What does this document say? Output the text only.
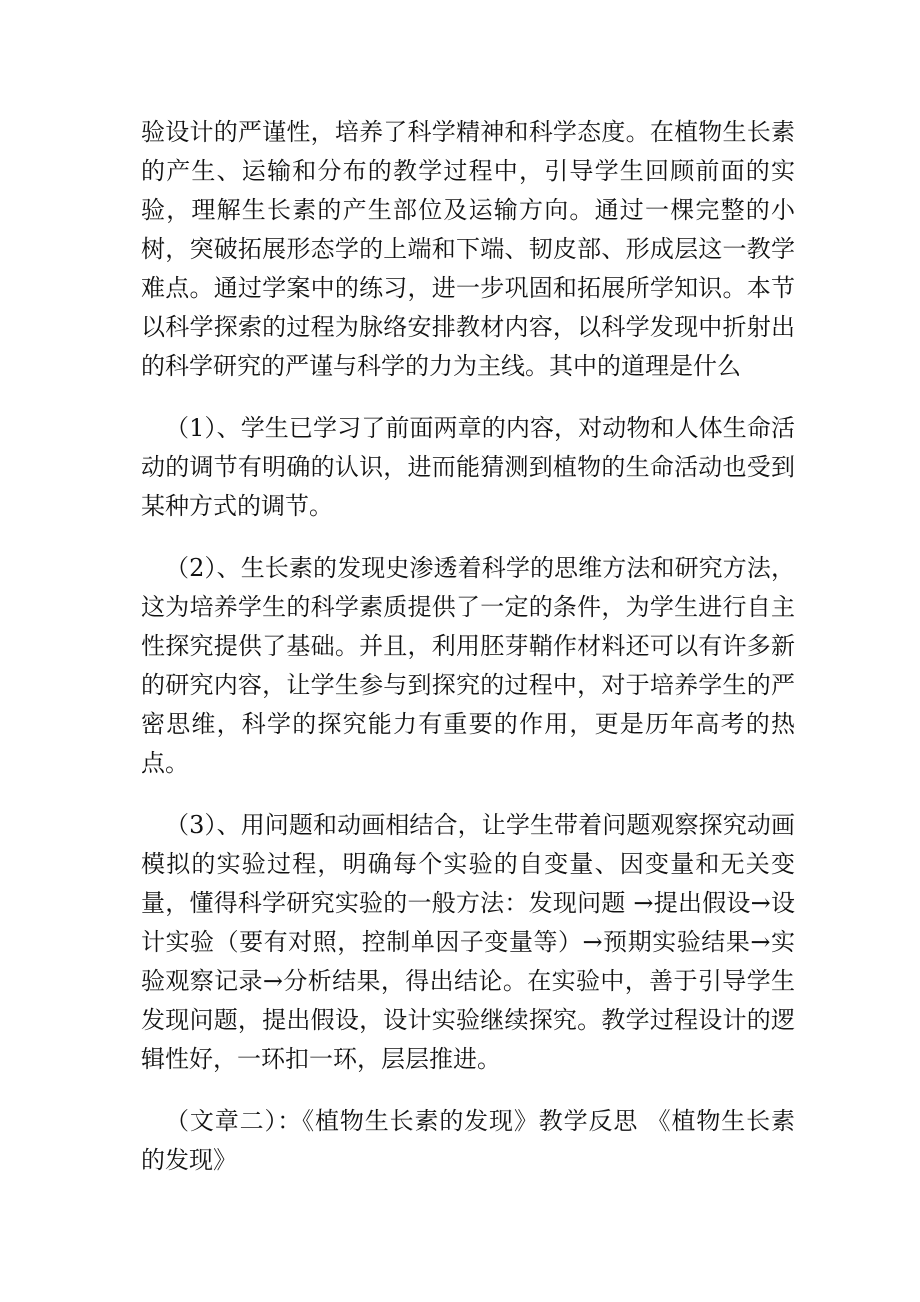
验设计的严谨性，培养了科学精神和科学态度。在植物生长素的产生、运输和分布的教学过程中，引导学生回顾前面的实验，理解生长素的产生部位及运输方向。通过一棵完整的小树，突破拓展形态学的上端和下端、韧皮部、形成层这一教学难点。通过学案中的练习，进一步巩固和拓展所学知识。本节以科学探索的过程为脉络安排教材内容，以科学发现中折射出的科学研究的严谨与科学的力为主线。其中的道理是什么

（1）、学生已学习了前面两章的内容，对动物和人体生命活动的调节有明确的认识，进而能猜测到植物的生命活动也受到某种方式的调节。

（2）、生长素的发现史渗透着科学的思维方法和研究方法，这为培养学生的科学素质提供了一定的条件，为学生进行自主性探究提供了基础。并且，利用胚芽鞘作材料还可以有许多新的研究内容，让学生参与到探究的过程中，对于培养学生的严密思维，科学的探究能力有重要的作用，更是历年高考的热点。

（3）、用问题和动画相结合，让学生带着问题观察探究动画模拟的实验过程，明确每个实验的自变量、因变量和无关变量，懂得科学研究实验的一般方法：发现问题 →提出假设→设计实验（要有对照，控制单因子变量等）→预期实验结果→实验观察记录→分析结果，得出结论。在实验中，善于引导学生发现问题，提出假设，设计实验继续探究。教学过程设计的逻辑性好，一环扣一环，层层推进。

（文章二）：《植物生长素的发现》教学反思 《植物生长素的发现》
